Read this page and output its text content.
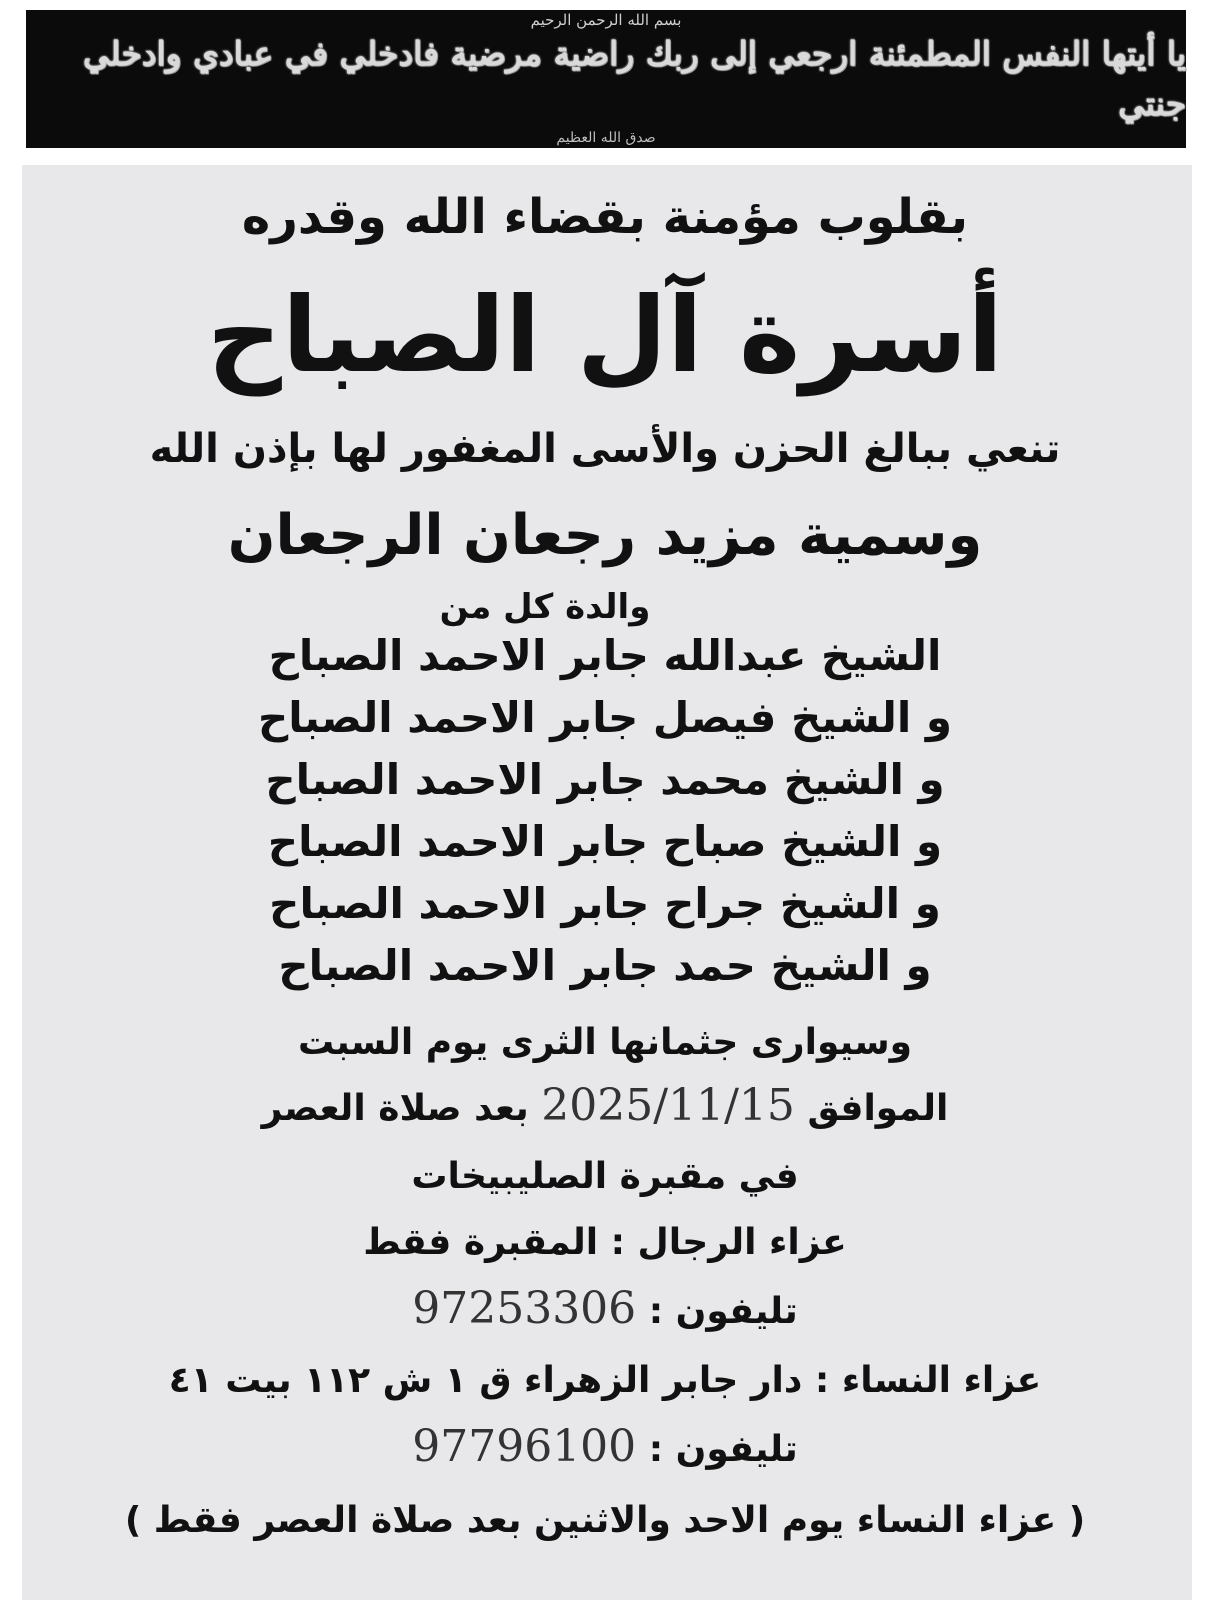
بسم الله الرحمن الرحيم
يا أيتها النفس المطمئنة ارجعي إلى ربك راضية مرضية فادخلي في عبادي وادخلي جنتي
صدق الله العظيم
بقلوب مؤمنة بقضاء الله وقدره
أسرة آل الصباح
تنعي ببالغ الحزن والأسى المغفور لها بإذن الله
وسمية مزيد رجعان الرجعان
والدة كل من
الشيخ عبدالله جابر الاحمد الصباح
و الشيخ فيصل جابر الاحمد الصباح
و الشيخ محمد جابر الاحمد الصباح
و الشيخ صباح جابر الاحمد الصباح
و الشيخ جراح جابر الاحمد الصباح
و الشيخ حمد جابر الاحمد الصباح
وسيوارى جثمانها الثرى يوم السبت
الموافق 2025/11/15 بعد صلاة العصر
في مقبرة الصليبيخات
عزاء الرجال : المقبرة فقط
تليفون : 97253306
عزاء النساء : دار جابر الزهراء ق ١ ش ١١٢ بيت ٤١
تليفون : 97796100
( عزاء النساء يوم الاحد والاثنين بعد صلاة العصر فقط )
